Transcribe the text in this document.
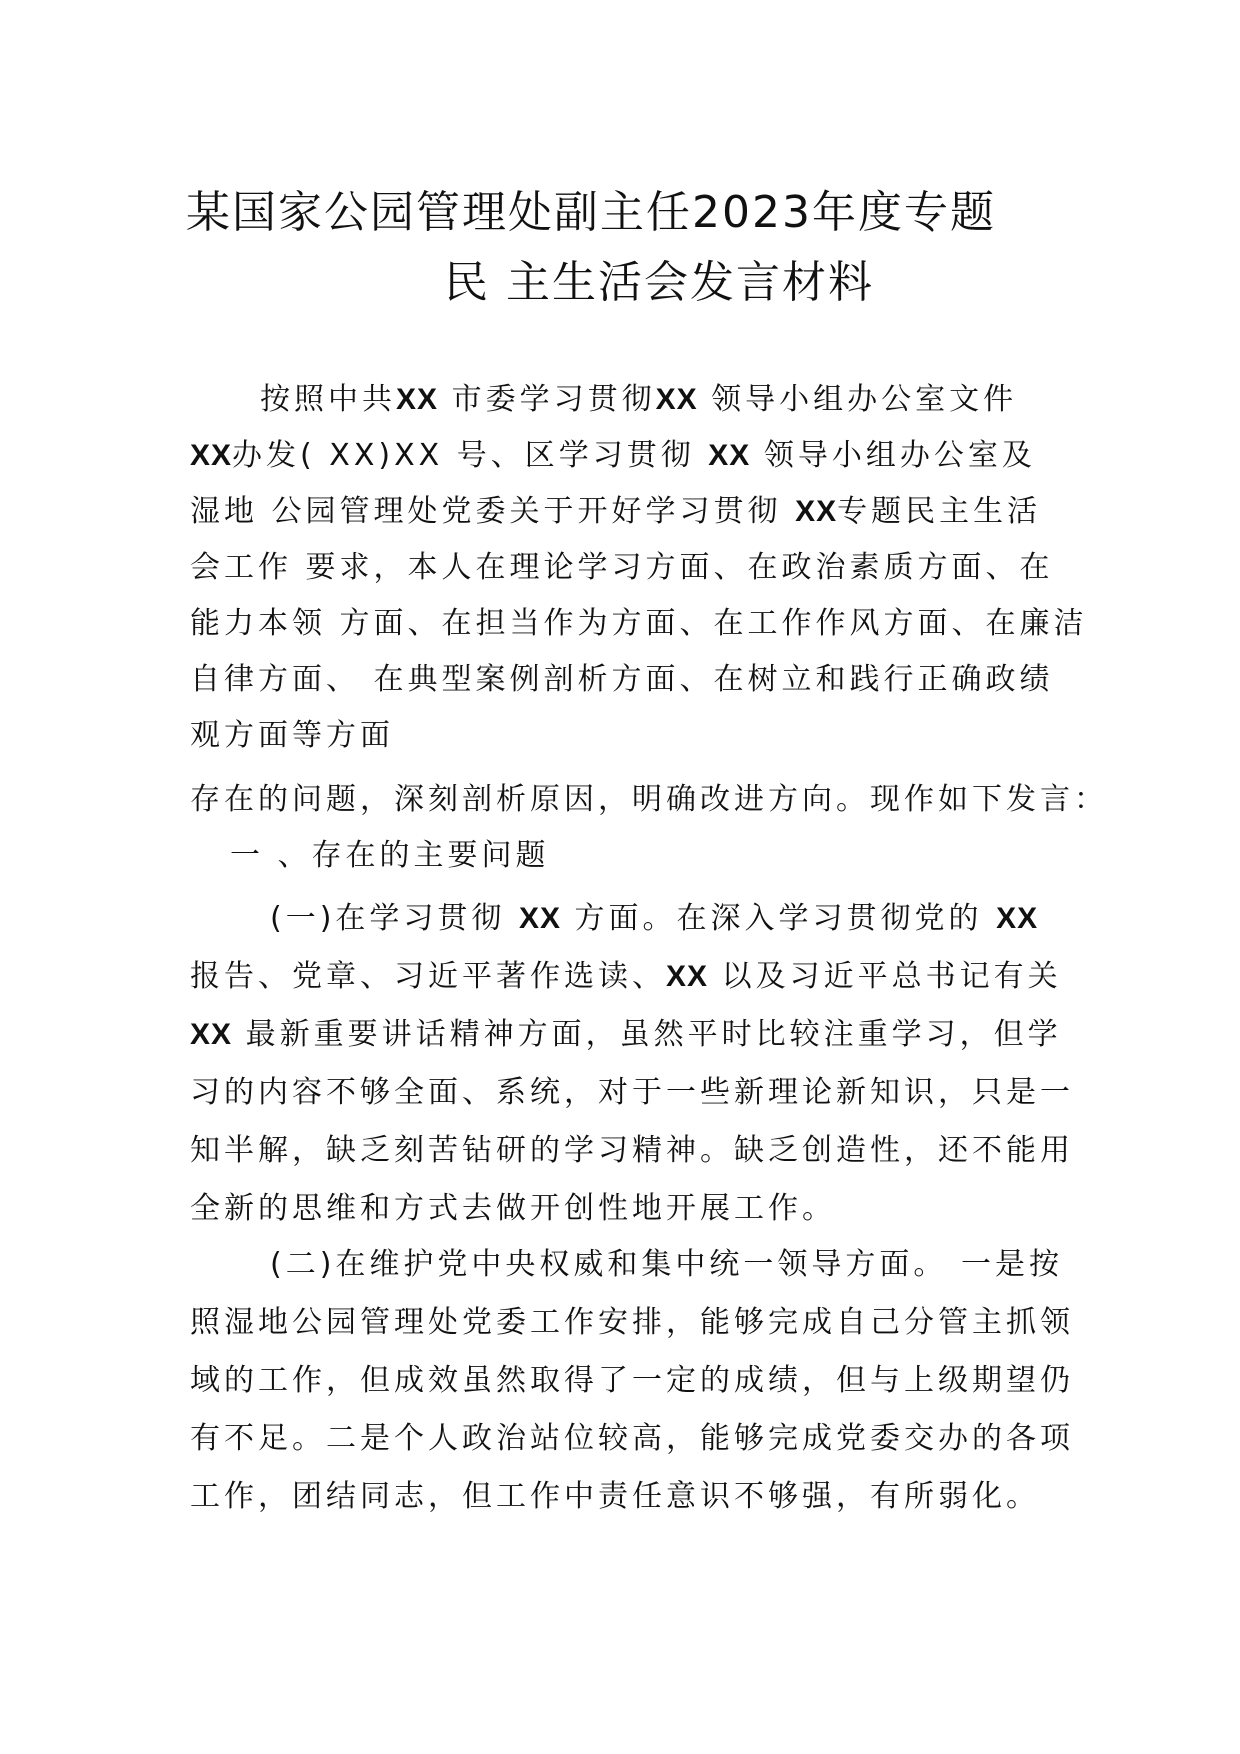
某国家公园管理处副主任2023年度专题
民 主生活会发言材料
按照中共XX 市委学习贯彻XX 领导小组办公室文件
XX办发( XX)XX 号、区学习贯彻 XX 领导小组办公室及
湿地 公园管理处党委关于开好学习贯彻 XX专题民主生活
会工作 要求，本人在理论学习方面、在政治素质方面、在
能力本领 方面、在担当作为方面、在工作作风方面、在廉洁
自律方面、 在典型案例剖析方面、在树立和践行正确政绩
观方面等方面
存在的问题，深刻剖析原因，明确改进方向。现作如下发言：
一 、存在的主要问题
(一)在学习贯彻 XX 方面。在深入学习贯彻党的 XX
报告、党章、习近平著作选读、XX 以及习近平总书记有关
XX 最新重要讲话精神方面，虽然平时比较注重学习，但学
习的内容不够全面、系统，对于一些新理论新知识，只是一
知半解，缺乏刻苦钻研的学习精神。缺乏创造性，还不能用
全新的思维和方式去做开创性地开展工作。
(二)在维护党中央权威和集中统一领导方面。 一是按
照湿地公园管理处党委工作安排，能够完成自己分管主抓领
域的工作，但成效虽然取得了一定的成绩，但与上级期望仍
有不足。二是个人政治站位较高，能够完成党委交办的各项
工作，团结同志，但工作中责任意识不够强，有所弱化。
